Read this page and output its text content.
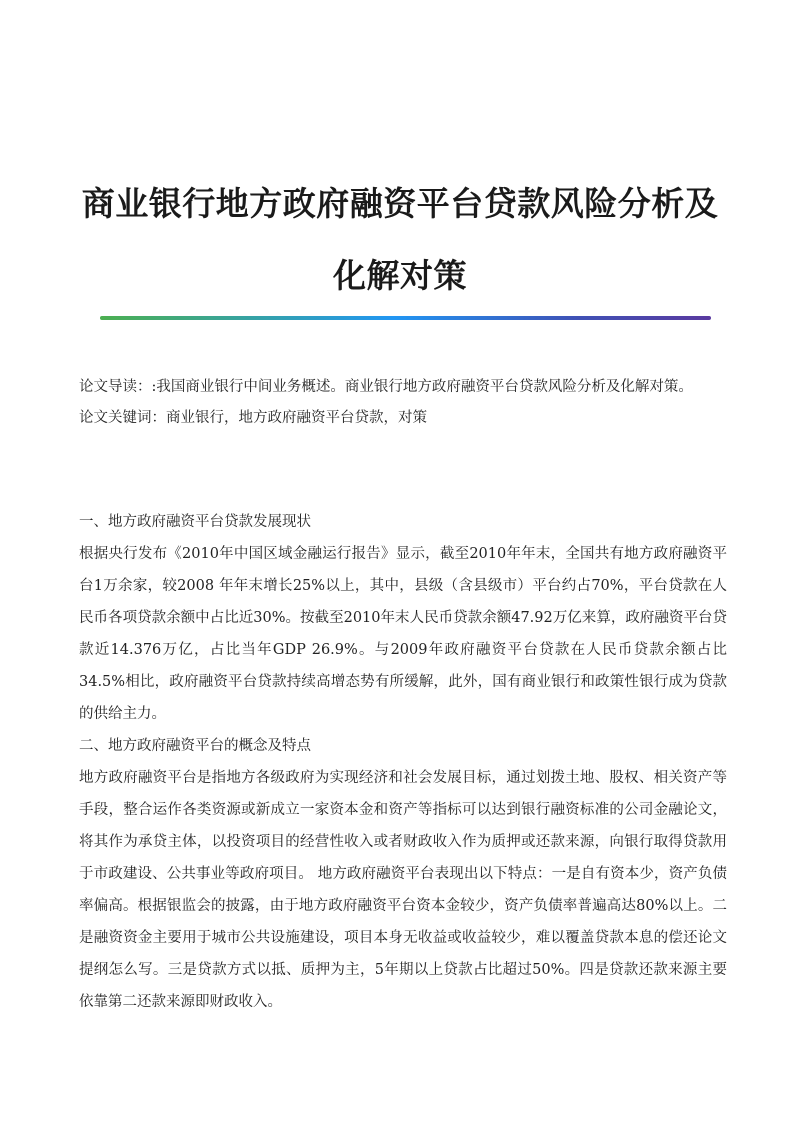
商业银行地方政府融资平台贷款风险分析及
化解对策

论文导读：:我国商业银行中间业务概述。商业银行地方政府融资平台贷款风险分析及化解对策。

论文关键词：商业银行，地方政府融资平台贷款，对策

一、地方政府融资平台贷款发展现状

根据央行发布《2010年中国区域金融运行报告》显示，截至2010年年末，全国共有地方政府融资平台1万余家，较2008 年年末增长25%以上，其中，县级（含县级市）平台约占70%，平台贷款在人民币各项贷款余额中占比近30%。按截至2010年末人民币贷款余额47.92万亿来算，政府融资平台贷款近14.376万亿，占比当年GDP 26.9%。与2009年政府融资平台贷款在人民币贷款余额占比34.5%相比，政府融资平台贷款持续高增态势有所缓解，此外，国有商业银行和政策性银行成为贷款的供给主力。

二、地方政府融资平台的概念及特点

地方政府融资平台是指地方各级政府为实现经济和社会发展目标，通过划拨土地、股权、相关资产等手段，整合运作各类资源或新成立一家资本金和资产等指标可以达到银行融资标准的公司金融论文，将其作为承贷主体，以投资项目的经营性收入或者财政收入作为质押或还款来源，向银行取得贷款用于市政建设、公共事业等政府项目。 地方政府融资平台表现出以下特点：一是自有资本少，资产负债率偏高。根据银监会的披露，由于地方政府融资平台资本金较少，资产负债率普遍高达80%以上。二是融资资金主要用于城市公共设施建设，项目本身无收益或收益较少，难以覆盖贷款本息的偿还论文提纲怎么写。三是贷款方式以抵、质押为主，5年期以上贷款占比超过50%。四是贷款还款来源主要依靠第二还款来源即财政收入。
